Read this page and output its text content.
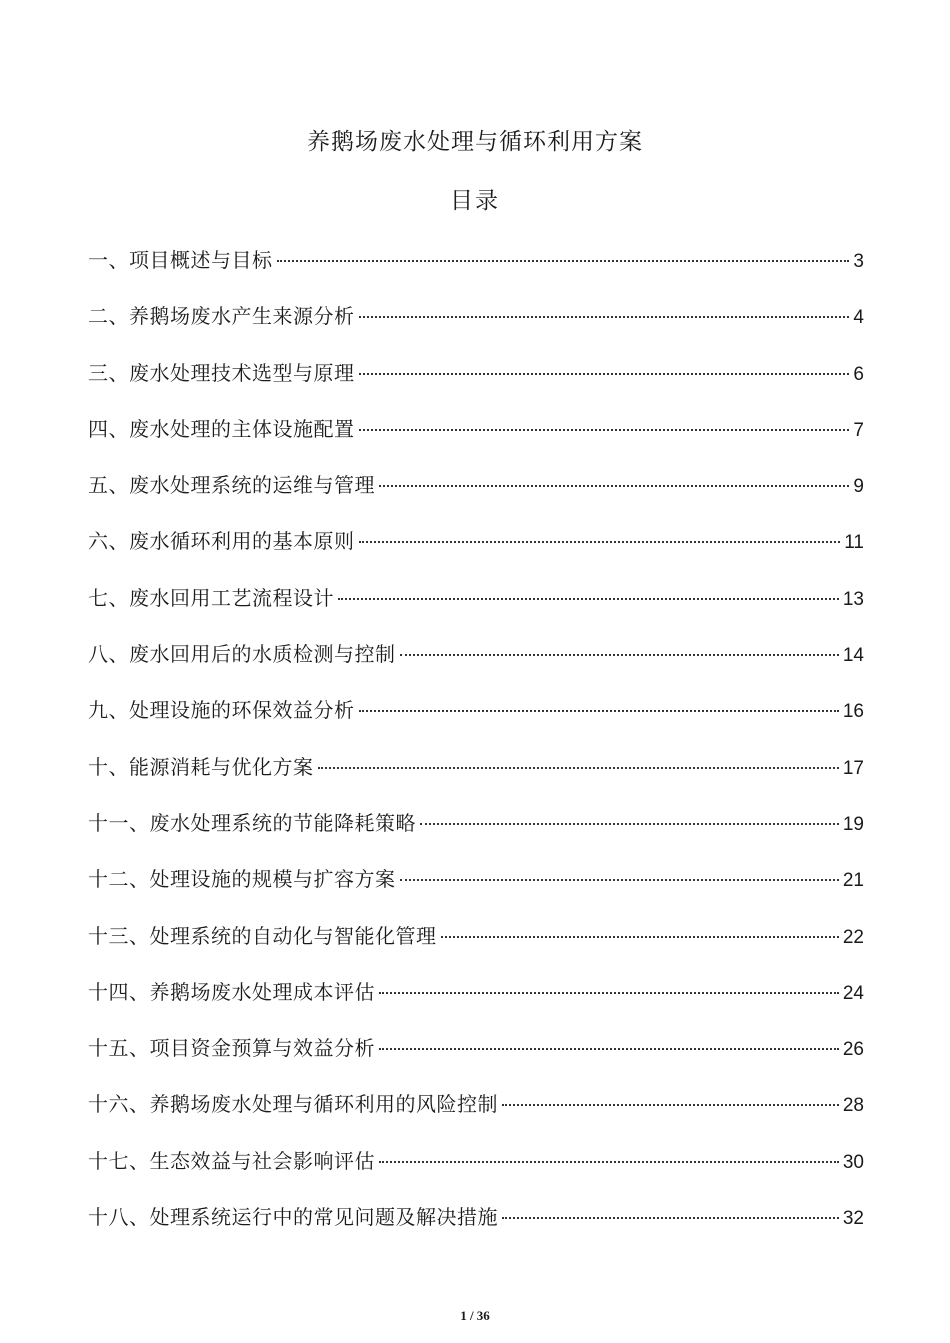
养鹅场废水处理与循环利用方案
目录
一、项目概述与目标	3
二、养鹅场废水产生来源分析	4
三、废水处理技术选型与原理	6
四、废水处理的主体设施配置	7
五、废水处理系统的运维与管理	9
六、废水循环利用的基本原则	11
七、废水回用工艺流程设计	13
八、废水回用后的水质检测与控制	14
九、处理设施的环保效益分析	16
十、能源消耗与优化方案	17
十一、废水处理系统的节能降耗策略	19
十二、处理设施的规模与扩容方案	21
十三、处理系统的自动化与智能化管理	22
十四、养鹅场废水处理成本评估	24
十五、项目资金预算与效益分析	26
十六、养鹅场废水处理与循环利用的风险控制	28
十七、生态效益与社会影响评估	30
十八、处理系统运行中的常见问题及解决措施	32
1 / 36
